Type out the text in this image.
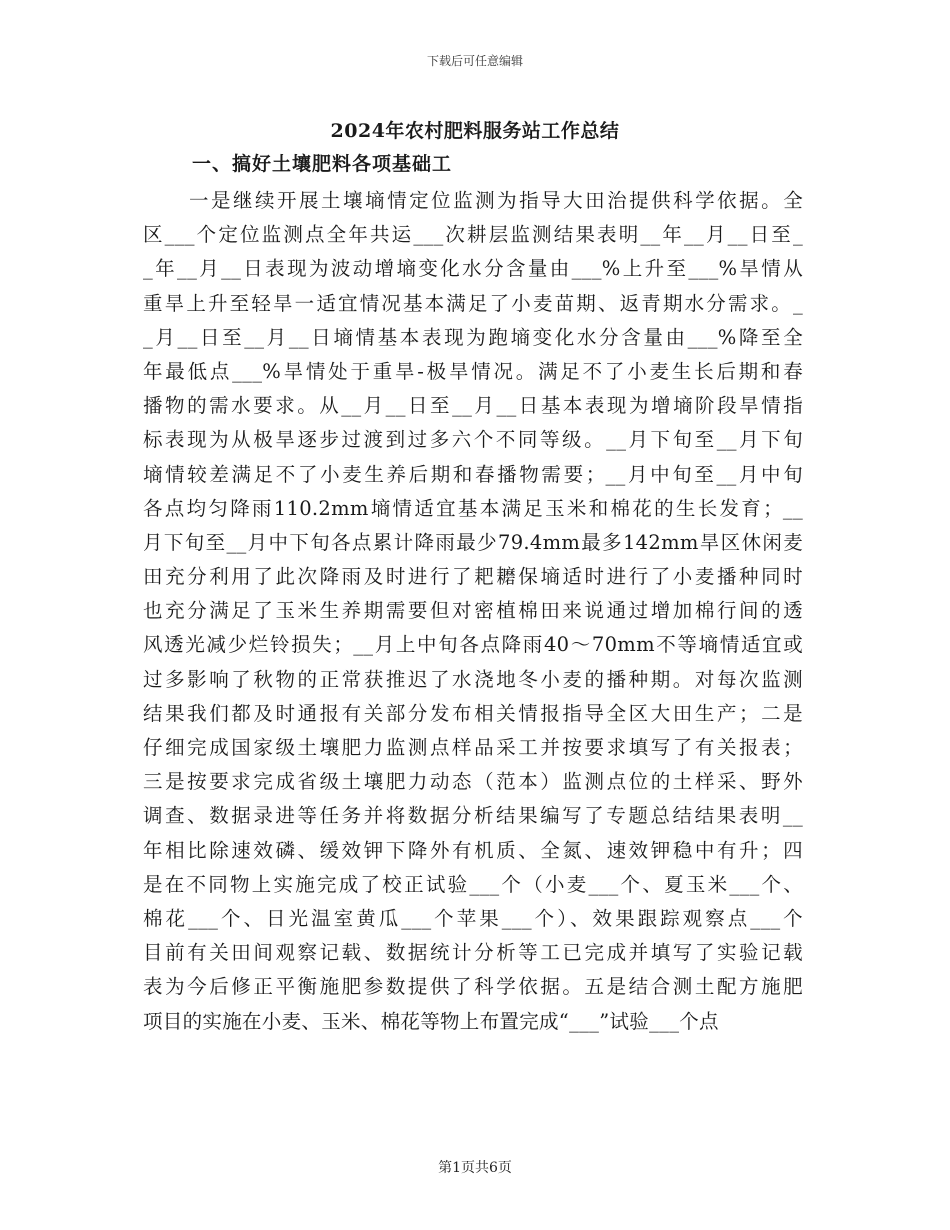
下载后可任意编辑
2024年农村肥料服务站工作总结
一、搞好土壤肥料各项基础工
一是继续开展土壤墒情定位监测为指导大田治提供科学依据。全
区___个定位监测点全年共运___次耕层监测结果表明__年__月__日至_
_年__月__日表现为波动增墒变化水分含量由___%上升至___%旱情从
重旱上升至轻旱一适宜情况基本满足了小麦苗期、返青期水分需求。_
_月__日至__月__日墒情基本表现为跑墒变化水分含量由___%降至全
年最低点___%旱情处于重旱-极旱情况。满足不了小麦生长后期和春
播物的需水要求。从__月__日至__月__日基本表现为增墒阶段旱情指
标表现为从极旱逐步过渡到过多六个不同等级。__月下旬至__月下旬
墒情较差满足不了小麦生养后期和春播物需要；__月中旬至__月中旬
各点均匀降雨110.2mm墒情适宜基本满足玉米和棉花的生长发育；__
月下旬至__月中下旬各点累计降雨最少79.4mm最多142mm旱区休闲麦
田充分利用了此次降雨及时进行了耙耱保墒适时进行了小麦播种同时
也充分满足了玉米生养期需要但对密植棉田来说通过增加棉行间的透
风透光减少烂铃损失；__月上中旬各点降雨40～70mm不等墒情适宜或
过多影响了秋物的正常获推迟了水浇地冬小麦的播种期。对每次监测
结果我们都及时通报有关部分发布相关情报指导全区大田生产；二是
仔细完成国家级土壤肥力监测点样品采工并按要求填写了有关报表；
三是按要求完成省级土壤肥力动态（范本）监测点位的土样采、野外
调查、数据录进等任务并将数据分析结果编写了专题总结结果表明__
年相比除速效磷、缓效钾下降外有机质、全氮、速效钾稳中有升；四
是在不同物上实施完成了校正试验___个（小麦___个、夏玉米___个、
棉花___个、日光温室黄瓜___个苹果___个）、效果跟踪观察点___个
目前有关田间观察记载、数据统计分析等工已完成并填写了实验记载
表为今后修正平衡施肥参数提供了科学依据。五是结合测土配方施肥
项目的实施在小麦、玉米、棉花等物上布置完成“___”试验___个点
第1页共6页
